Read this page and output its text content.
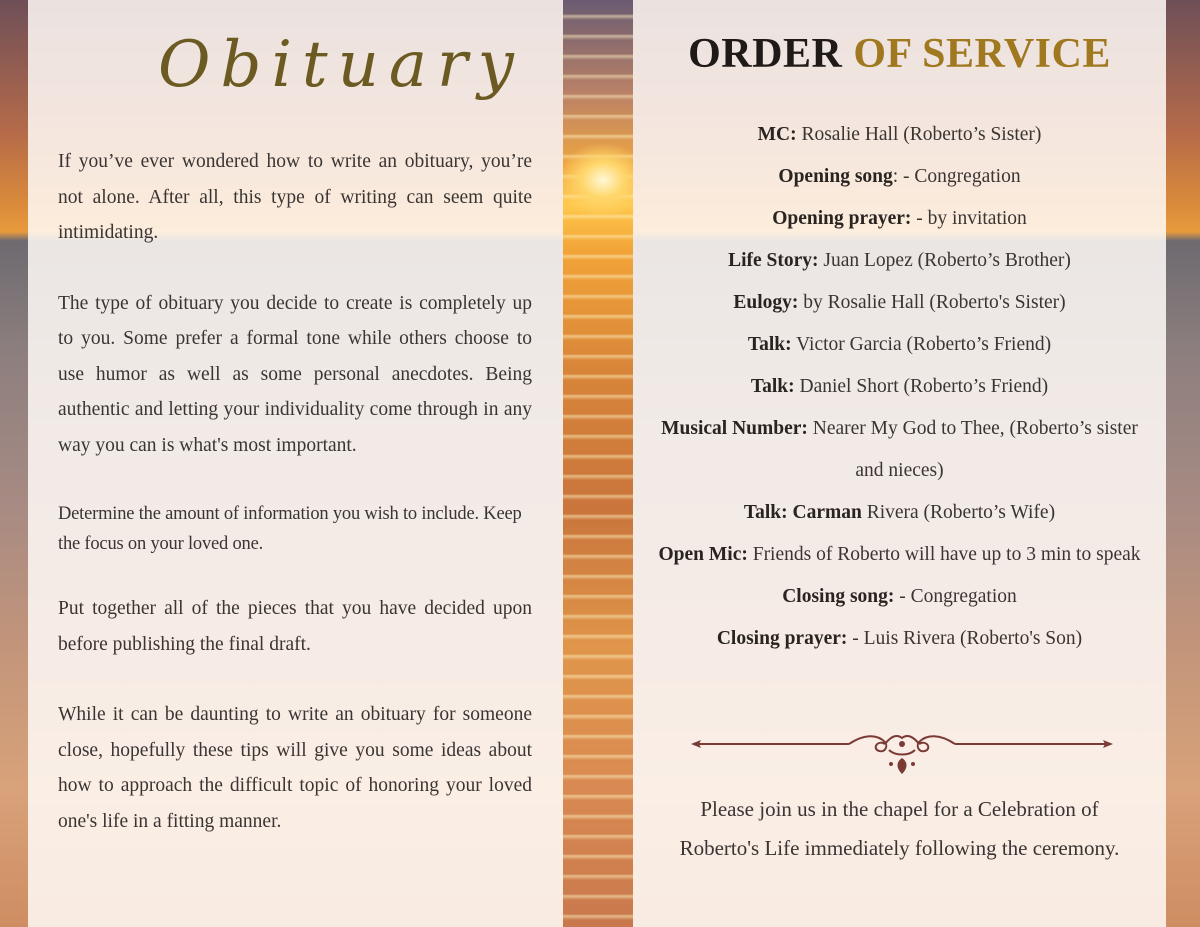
Obituary

If you’ve ever wondered how to write an obituary, you’re not alone. After all, this type of writing can seem quite intimidating.

The type of obituary you decide to create is completely up to you. Some prefer a formal tone while others choose to use humor as well as some personal anecdotes. Being authentic and letting your individuality come through in any way you can is what's most important.

Determine the amount of information you wish to include. Keep the focus on your loved one.

Put together all of the pieces that you have decided upon before publishing the final draft.

While it can be daunting to write an obituary for someone close, hopefully these tips will give you some ideas about how to approach the difficult topic of honoring your loved one's life in a fitting manner.

ORDER OF SERVICE
MC: Rosalie Hall (Roberto’s Sister)
Opening song: - Congregation
Opening prayer: - by invitation
Life Story: Juan Lopez (Roberto’s Brother)
Eulogy: by Rosalie Hall (Roberto's Sister)
Talk: Victor Garcia (Roberto’s Friend)
Talk: Daniel Short (Roberto’s Friend)
Musical Number: Nearer My God to Thee, (Roberto’s sister and nieces)
Talk: Carman Rivera (Roberto’s Wife)
Open Mic: Friends of Roberto will have up to 3 min to speak
Closing song: - Congregation
Closing prayer: - Luis Rivera (Roberto's Son)
Please join us in the chapel for a Celebration of Roberto's Life immediately following the ceremony.
